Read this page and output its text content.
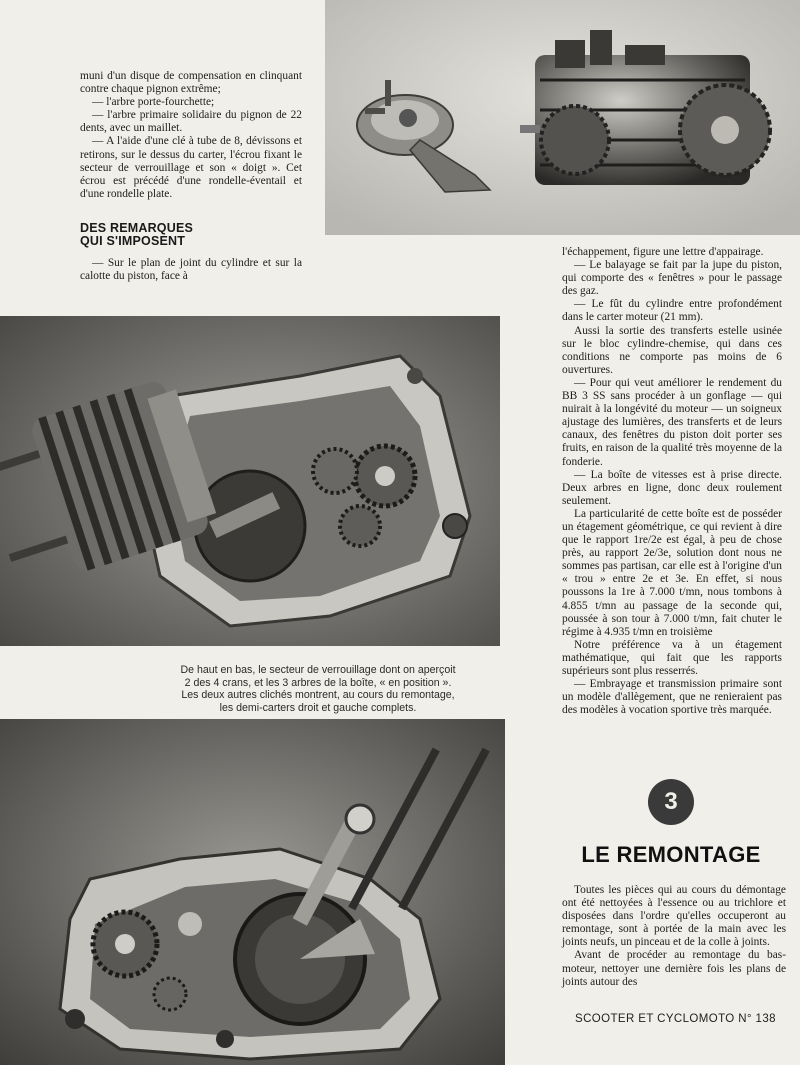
muni d'un disque de compensation en clinquant contre chaque pignon extrême;

— l'arbre porte-fourchette;

— l'arbre primaire solidaire du pignon de 22 dents, avec un maillet.

— A l'aide d'une clé à tube de 8, dévissons et retirons, sur le dessus du carter, l'écrou fixant le secteur de verrouillage et son « doigt ». Cet écrou est précédé d'une rondelle-éventail et d'une rondelle plate.

DES REMARQUES
QUI S'IMPOSENT

— Sur le plan de joint du cylindre et sur la calotte du piston, face à

De haut en bas, le secteur de verrouillage dont on aperçoit
2 des 4 crans, et les 3 arbres de la boîte, « en position ».
Les deux autres clichés montrent, au cours du remontage,
les demi-carters droit et gauche complets.

l'échappement, figure une lettre d'appairage.

— Le balayage se fait par la jupe du piston, qui comporte des « fenêtres » pour le passage des gaz.

— Le fût du cylindre entre profondément dans le carter moteur (21 mm).

Aussi la sortie des transferts estelle usinée sur le bloc cylindre-chemise, qui dans ces conditions ne comporte pas moins de 6 ouvertures.

— Pour qui veut améliorer le rendement du BB 3 SS sans procéder à un gonflage — qui nuirait à la longévité du moteur — un soigneux ajustage des lumières, des transferts et de leurs canaux, des fenêtres du piston doit porter ses fruits, en raison de la qualité très moyenne de la fonderie.

— La boîte de vitesses est à prise directe. Deux arbres en ligne, donc deux roulement seulement.

La particularité de cette boîte est de posséder un étagement géométrique, ce qui revient à dire que le rapport 1re/2e est égal, à peu de chose près, au rapport 2e/3e, solution dont nous ne sommes pas partisan, car elle est à l'origine d'un « trou » entre 2e et 3e. En effet, si nous poussons la 1re à 7.000 t/mn, nous tombons à 4.855 t/mn au passage de la seconde qui, poussée à son tour à 7.000 t/mn, fait chuter le régime à 4.935 t/mn en troisième

Notre préférence va à un étagement mathématique, qui fait que les rapports supérieurs sont plus resserrés.

— Embrayage et transmission primaire sont un modèle d'allègement, que ne renieraient pas des modèles à vocation sportive très marquée.

3
LE REMONTAGE

Toutes les pièces qui au cours du démontage ont été nettoyées à l'essence ou au trichlore et disposées dans l'ordre qu'elles occuperont au remontage, sont à portée de la main avec les joints neufs, un pinceau et de la colle à joints.

Avant de procéder au remontage du bas-moteur, nettoyer une dernière fois les plans de joints autour des

SCOOTER ET CYCLOMOTO N° 138
